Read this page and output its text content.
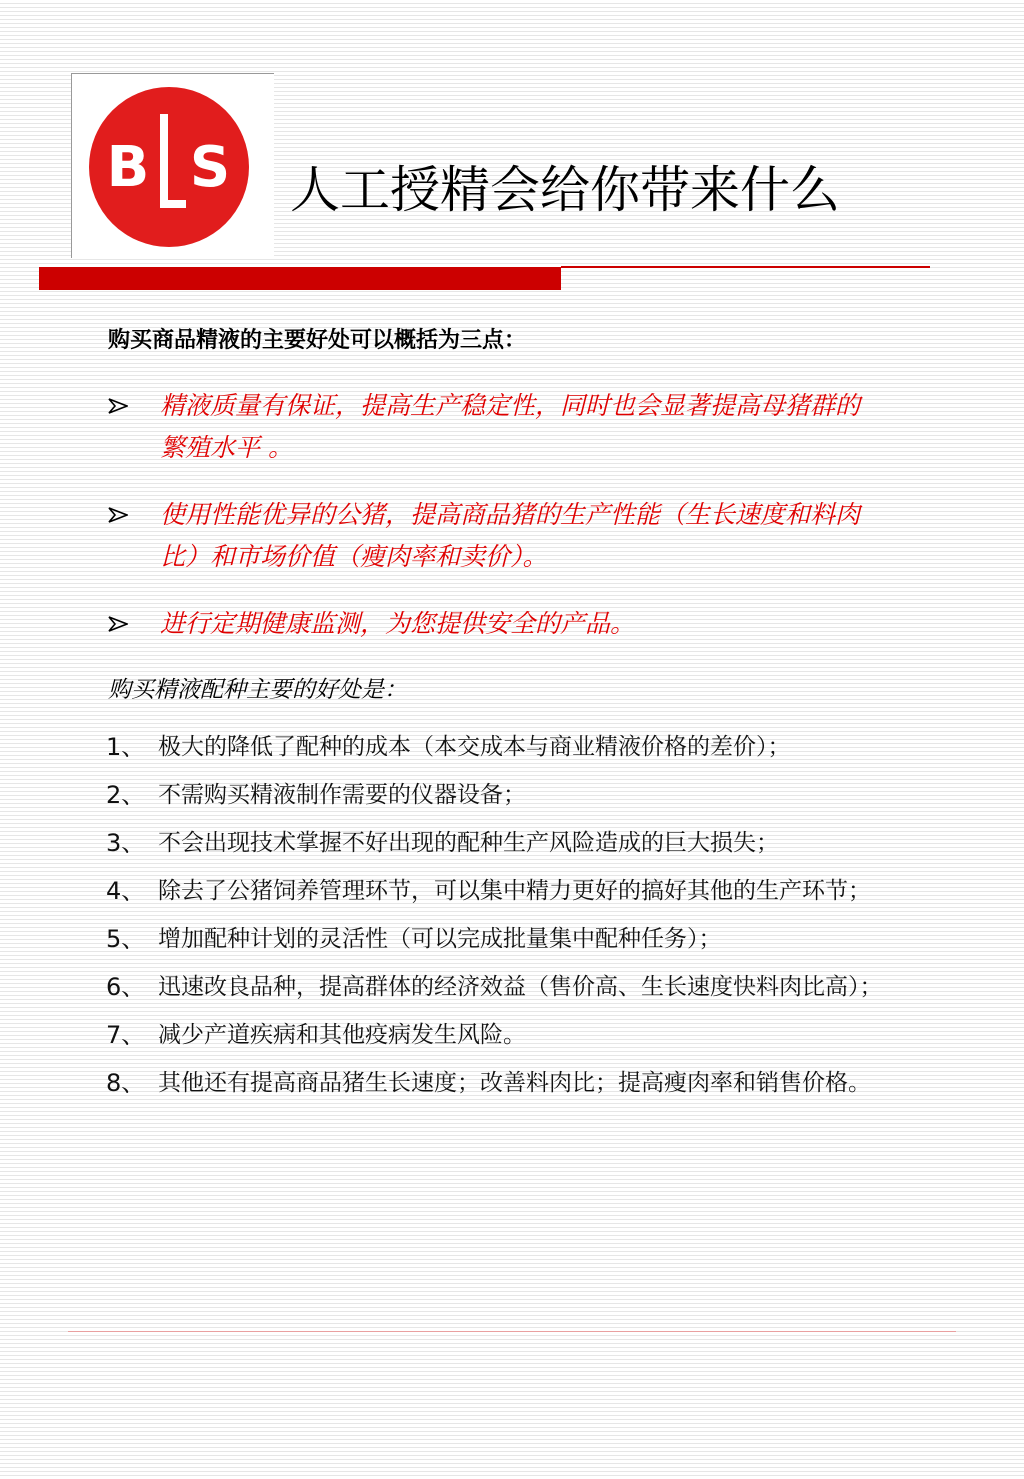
B S 人工授精会给你带来什么
购买商品精液的主要好处可以概括为三点：
精液质量有保证，提高生产稳定性，同时也会显著提高母猪群的繁殖水平 。
使用性能优异的公猪，提高商品猪的生产性能（生长速度和料肉比）和市场价值（瘦肉率和卖价）。
进行定期健康监测，为您提供安全的产品。
购买精液配种主要的好处是：
1、 极大的降低了配种的成本（本交成本与商业精液价格的差价）；
2、 不需购买精液制作需要的仪器设备；
3、 不会出现技术掌握不好出现的配种生产风险造成的巨大损失；
4、 除去了公猪饲养管理环节，可以集中精力更好的搞好其他的生产环节；
5、 增加配种计划的灵活性（可以完成批量集中配种任务）；
6、 迅速改良品种，提高群体的经济效益（售价高、生长速度快料肉比高）；
7、 减少产道疾病和其他疫病发生风险。
8、 其他还有提高商品猪生长速度；改善料肉比；提高瘦肉率和销售价格。
